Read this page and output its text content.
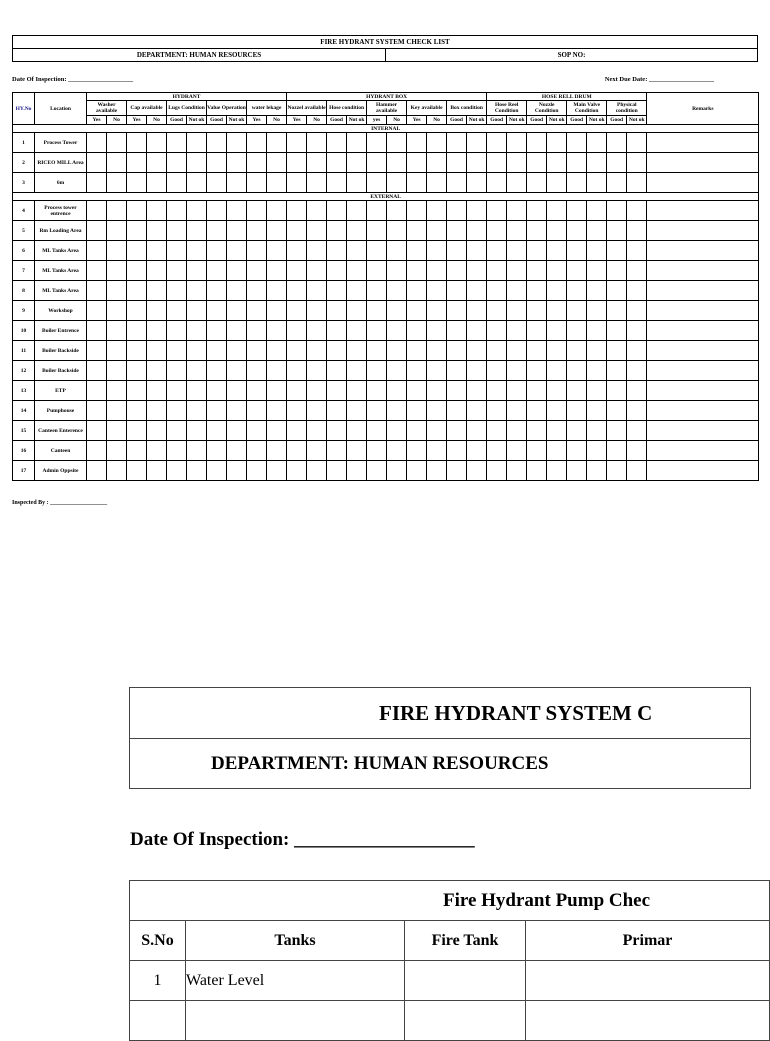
FIRE HYDRANT SYSTEM CHECK LIST
DEPARTMENT: HUMAN RESOURCES	SOP NO:
Date Of Inspection: ____________________	Next Due Date: ____________________
HY.No	Location	HYDRANT										HYDRANT BOX										HOSE RELL DRUM								Remarks
		Washer available		Cap available		Lugs Condition		Value Operation		water lekage		Nozzel available		Hose condition		Hammer available		Key available		Box condition		Hose Reel Condition		Nozzle Condition		Main Valve Condition		Physical condition		
		Yes	No	Yes	No	Good	Not ok	Good	Not ok	Yes	No	Yes	No	Good	Not ok	yes	No	Yes	No	Good	Not ok	Good	Not ok	Good	Not ok	Good	Not ok	Good	Not ok	
INTERNAL																														
1	Process Tower																													
2	RICEO MILL Area																													
3	6m																													
EXTERNAL																														
4	Process tower entrence																													
5	Rm Loading Area																													
6	ML Tanks Area																													
7	ML Tanks Area																													
8	ML Tanks Area																													
9	Workshop																													
10	Boiler Entrence																													
11	Boiler Backside																													
12	Boiler Backside																													
13	ETP																													
14	Pumphouse																													
15	Canteen Enterence																													
16	Canteen																													
17	Admin Oppsite																													
Inspected By : ___________________
FIRE HYDRANT SYSTEM C
DEPARTMENT: HUMAN RESOURCES
Date Of Inspection: ___________________
Fire Hydrant Pump Chec			
S.No	Tanks	Fire Tank	Primar
1	Water Level		
